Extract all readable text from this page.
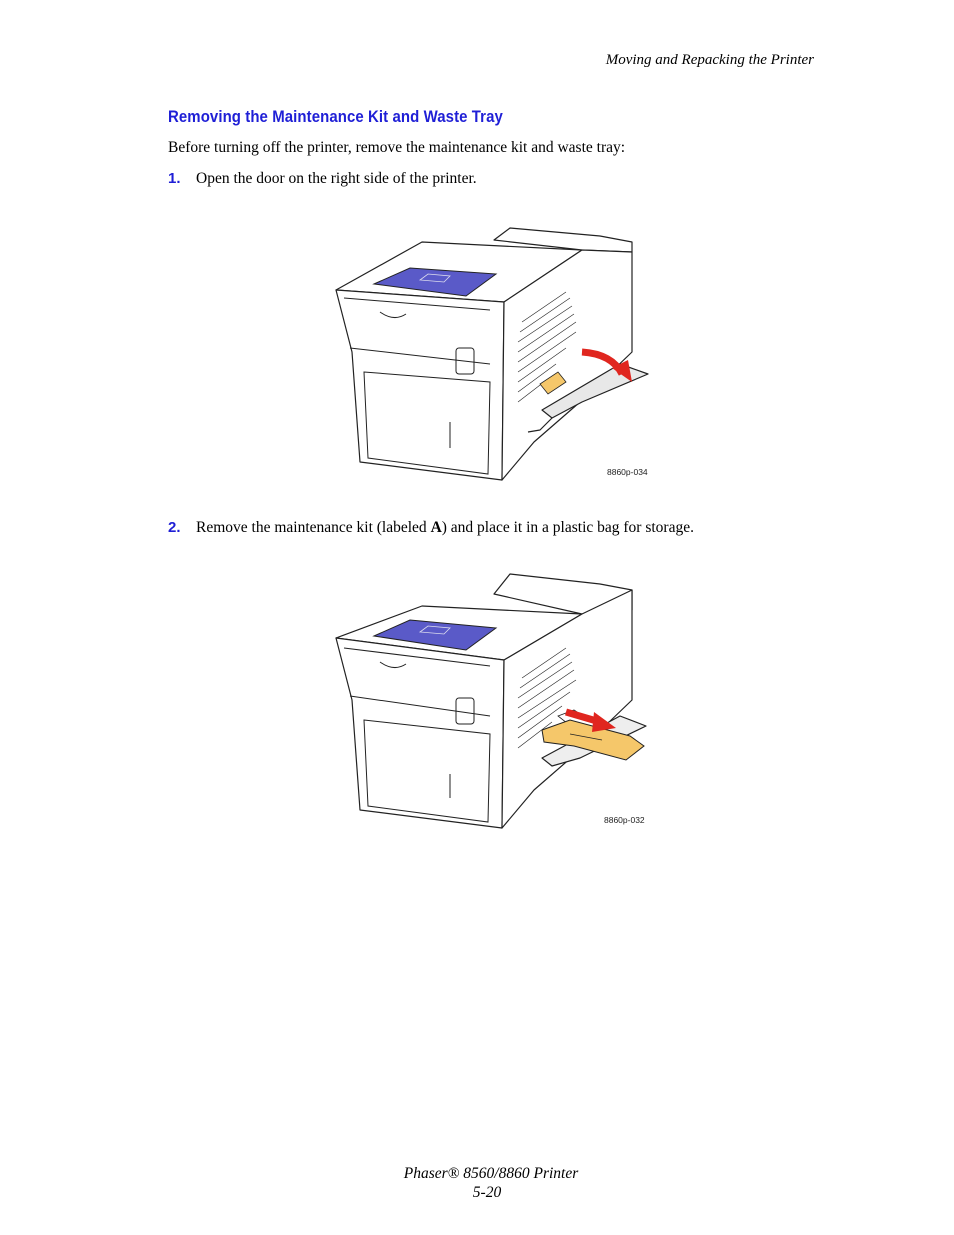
Moving and Repacking the Printer
Removing the Maintenance Kit and Waste Tray
Before turning off the printer, remove the maintenance kit and waste tray:
1. Open the door on the right side of the printer.
8860p-034
2. Remove the maintenance kit (labeled A) and place it in a plastic bag for storage.
8860p-032
Phaser® 8560/8860 Printer
5-20
